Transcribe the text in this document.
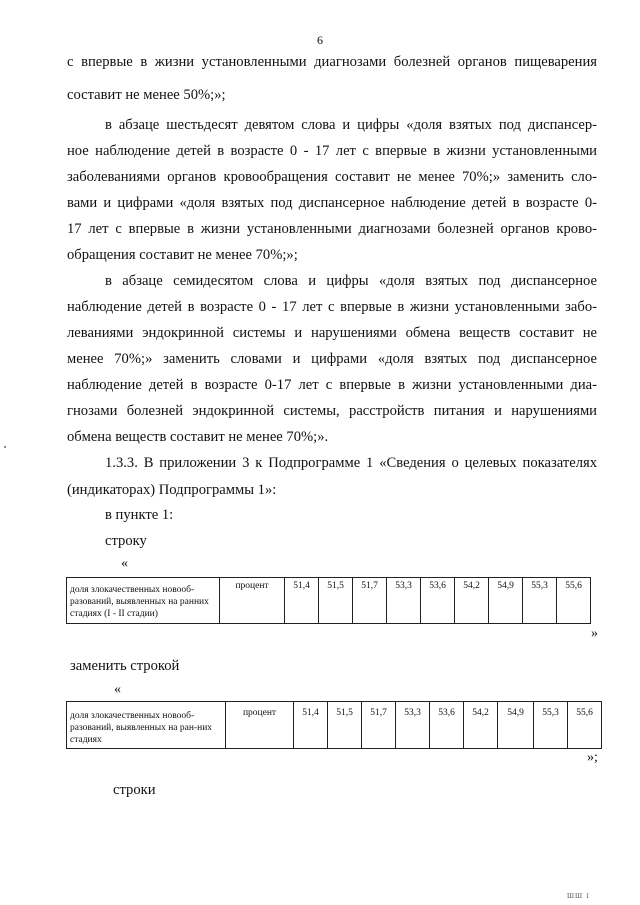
6
с впервые в жизни установленными диагнозами болезней органов пищеварения
составит не менее 50%;»;
в абзаце шестьдесят девятом слова и цифры «доля взятых под диспансер-
ное наблюдение детей в возрасте 0 - 17 лет с впервые в жизни установленными
заболеваниями органов кровообращения составит не менее 70%;» заменить сло-
вами и цифрами «доля взятых под диспансерное наблюдение детей в возрасте 0-
17 лет с впервые в жизни установленными диагнозами болезней органов крово-
обращения составит не менее 70%;»;
в абзаце семидесятом слова и цифры «доля взятых под диспансерное
наблюдение детей в возрасте 0 - 17 лет с впервые в жизни установленными забо-
леваниями эндокринной системы и нарушениями обмена веществ составит не
менее 70%;» заменить словами и цифрами «доля взятых под диспансерное
наблюдение детей в возрасте 0-17 лет с впервые в жизни установленными диа-
гнозами болезней эндокринной системы, расстройств питания и нарушениями
обмена веществ составит не менее 70%;».
1.3.3. В приложении 3 к Подпрограмме 1 «Сведения о целевых показателях
(индикаторах) Подпрограммы 1»:
в пункте 1:
строку
«
доля злокачественных новооб-разований, выявленных на ранних стадиях (I - II стадии)	процент	51,4	51,5	51,7	53,3	53,6	54,2	54,9	55,3	55,6
»
заменить строкой
«
доля злокачественных новооб-разований, выявленных на ран-них стадиях	процент	51,4	51,5	51,7	53,3	53,6	54,2	54,9	55,3	55,6
»;
строки
ШШ 1
